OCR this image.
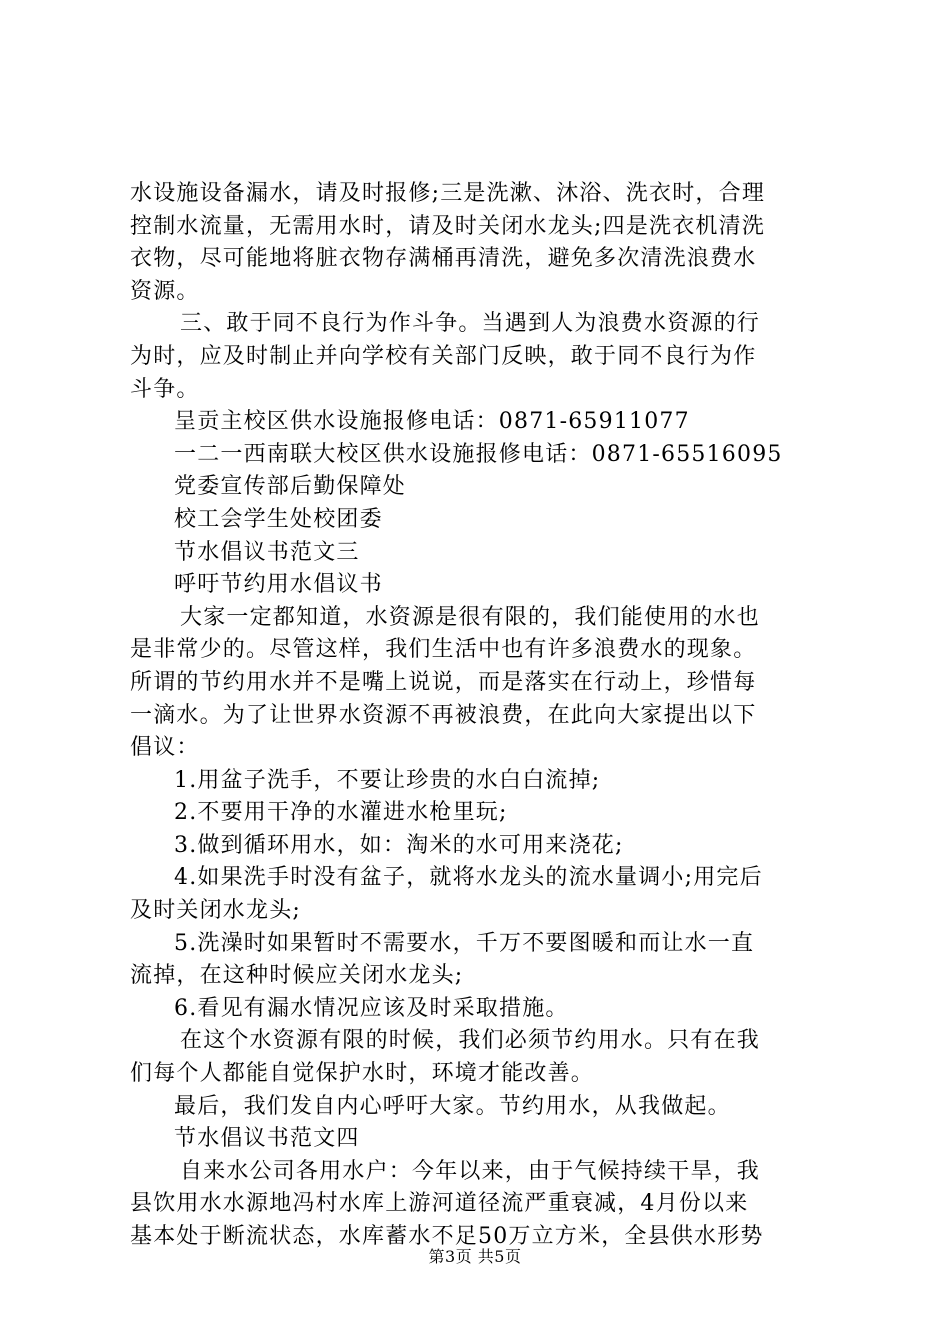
水设施设备漏水，请及时报修;三是洗漱、沐浴、洗衣时，合理
控制水流量，无需用水时，请及时关闭水龙头;四是洗衣机清洗
衣物，尽可能地将脏衣物存满桶再清洗，避免多次清洗浪费水
资源。
三、敢于同不良行为作斗争。当遇到人为浪费水资源的行
为时，应及时制止并向学校有关部门反映，敢于同不良行为作
斗争。
呈贡主校区供水设施报修电话：0871-65911077
一二一西南联大校区供水设施报修电话：0871-65516095
党委宣传部后勤保障处
校工会学生处校团委
节水倡议书范文三
呼吁节约用水倡议书
大家一定都知道，水资源是很有限的，我们能使用的水也
是非常少的。尽管这样，我们生活中也有许多浪费水的现象。
所谓的节约用水并不是嘴上说说，而是落实在行动上，珍惜每
一滴水。为了让世界水资源不再被浪费，在此向大家提出以下
倡议：
1.用盆子洗手，不要让珍贵的水白白流掉;
2.不要用干净的水灌进水枪里玩;
3.做到循环用水，如：淘米的水可用来浇花;
4.如果洗手时没有盆子，就将水龙头的流水量调小;用完后
及时关闭水龙头;
5.洗澡时如果暂时不需要水，千万不要图暖和而让水一直
流掉，在这种时候应关闭水龙头;
6.看见有漏水情况应该及时采取措施。
在这个水资源有限的时候，我们必须节约用水。只有在我
们每个人都能自觉保护水时，环境才能改善。
最后，我们发自内心呼吁大家。节约用水，从我做起。
节水倡议书范文四
自来水公司各用水户：今年以来，由于气候持续干旱，我
县饮用水水源地冯村水库上游河道径流严重衰减，4月份以来
基本处于断流状态，水库蓄水不足50万立方米，全县供水形势
第3页 共5页
